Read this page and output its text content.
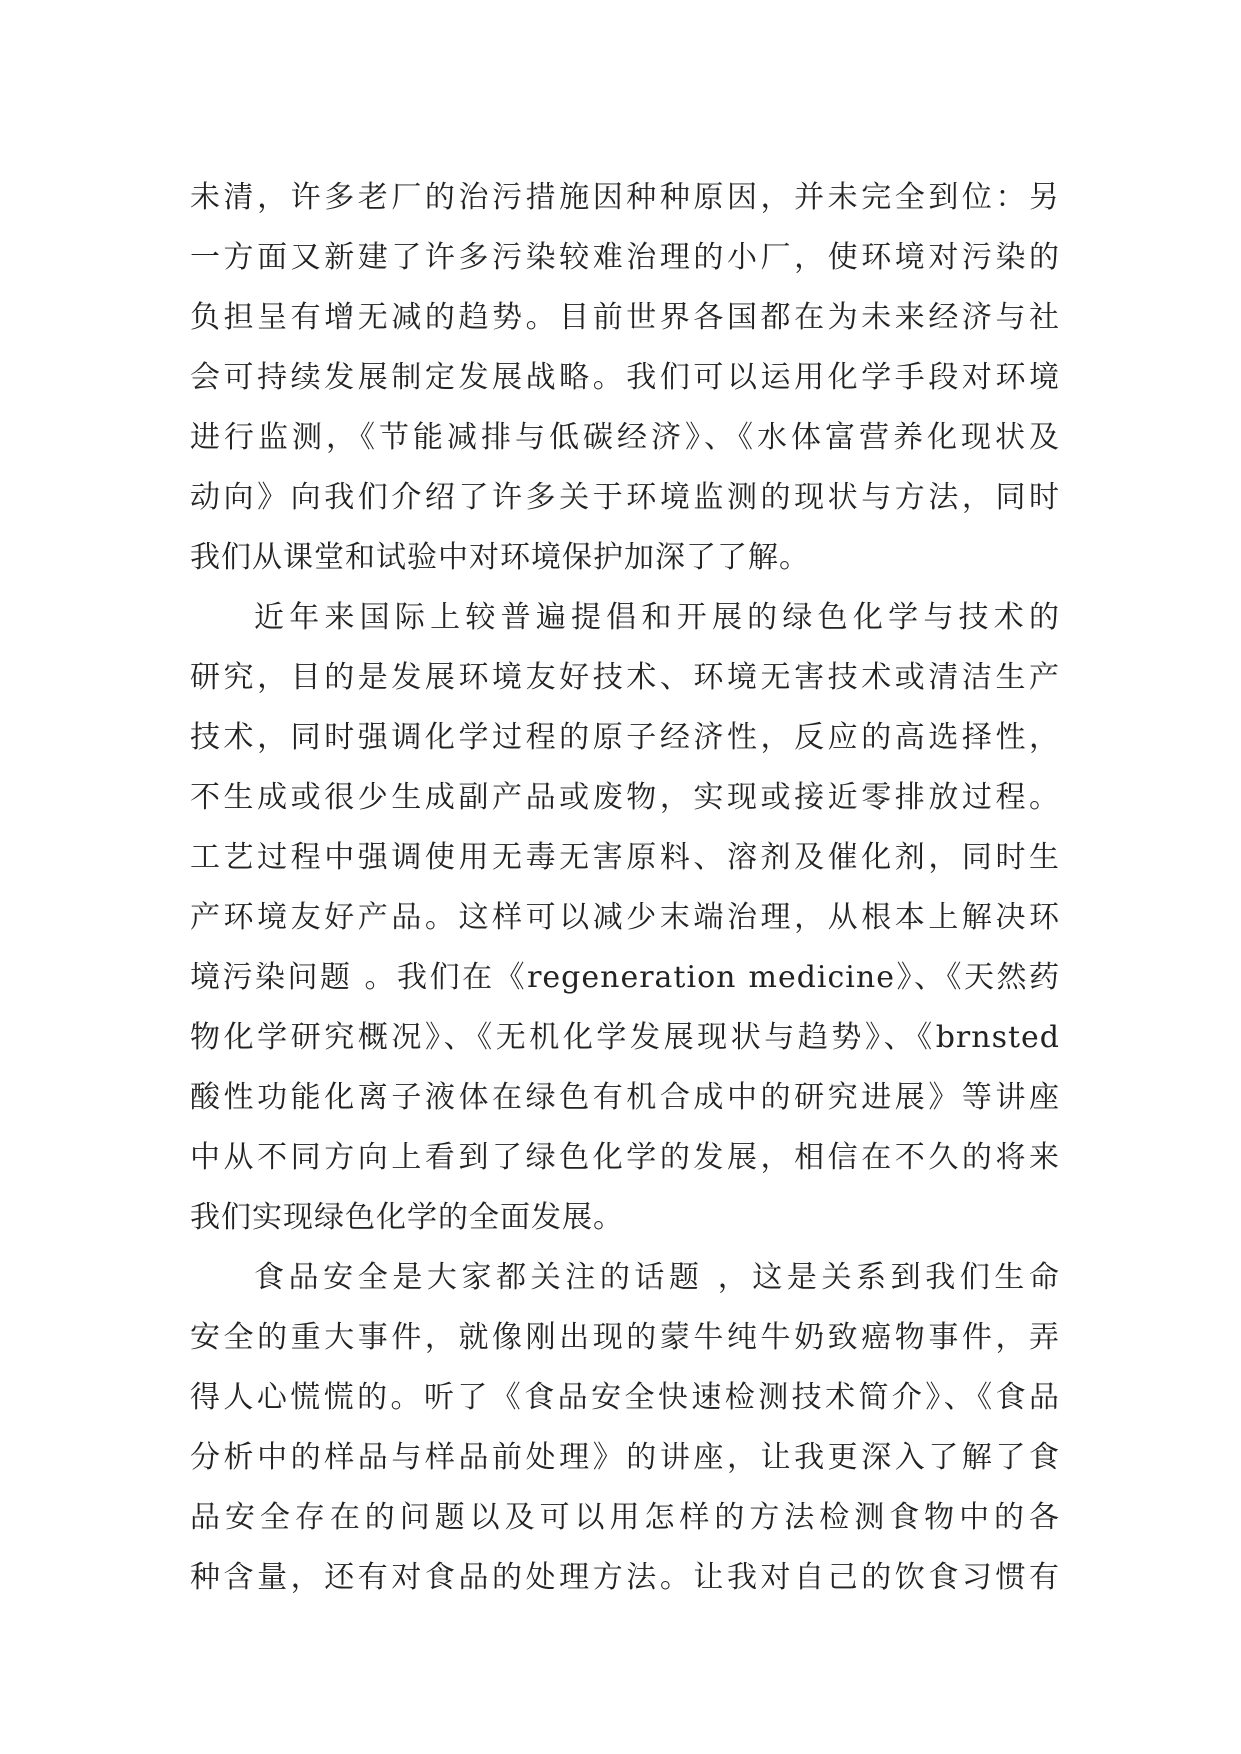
未清，许多老厂的治污措施因种种原因，并未完全到位：另
一方面又新建了许多污染较难治理的小厂，使环境对污染的
负担呈有增无减的趋势。目前世界各国都在为未来经济与社
会可持续发展制定发展战略。我们可以运用化学手段对环境
进行监测，《节能减排与低碳经济》、《水体富营养化现状及
动向》向我们介绍了许多关于环境监测的现状与方法，同时
我们从课堂和试验中对环境保护加深了了解。
近年来国际上较普遍提倡和开展的绿色化学与技术的
研究，目的是发展环境友好技术、环境无害技术或清洁生产
技术，同时强调化学过程的原子经济性，反应的高选择性，
不生成或很少生成副产品或废物，实现或接近零排放过程。
工艺过程中强调使用无毒无害原料、溶剂及催化剂，同时生
产环境友好产品。这样可以减少末端治理，从根本上解决环
境污染问题 。我们在《regeneration medicine》、《天然药
物化学研究概况》、《无机化学发展现状与趋势》、《brnsted
酸性功能化离子液体在绿色有机合成中的研究进展》等讲座
中从不同方向上看到了绿色化学的发展，相信在不久的将来
我们实现绿色化学的全面发展。
食品安全是大家都关注的话题 ，这是关系到我们生命
安全的重大事件，就像刚出现的蒙牛纯牛奶致癌物事件，弄
得人心慌慌的。听了《食品安全快速检测技术简介》、《食品
分析中的样品与样品前处理》的讲座，让我更深入了解了食
品安全存在的问题以及可以用怎样的方法检测食物中的各
种含量，还有对食品的处理方法。让我对自己的饮食习惯有
